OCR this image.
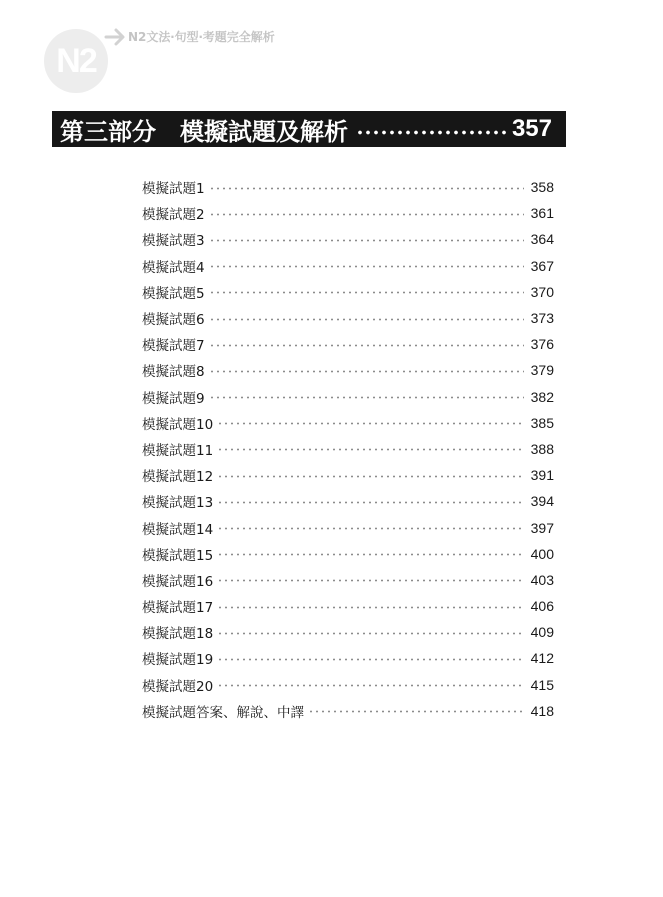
N2
N2文法‧句型‧考題完全解析
第三部分　模擬試題及解析	357
模擬試題1	358
模擬試題2	361
模擬試題3	364
模擬試題4	367
模擬試題5	370
模擬試題6	373
模擬試題7	376
模擬試題8	379
模擬試題9	382
模擬試題10	385
模擬試題11	388
模擬試題12	391
模擬試題13	394
模擬試題14	397
模擬試題15	400
模擬試題16	403
模擬試題17	406
模擬試題18	409
模擬試題19	412
模擬試題20	415
模擬試題答案、解說、中譯	418
